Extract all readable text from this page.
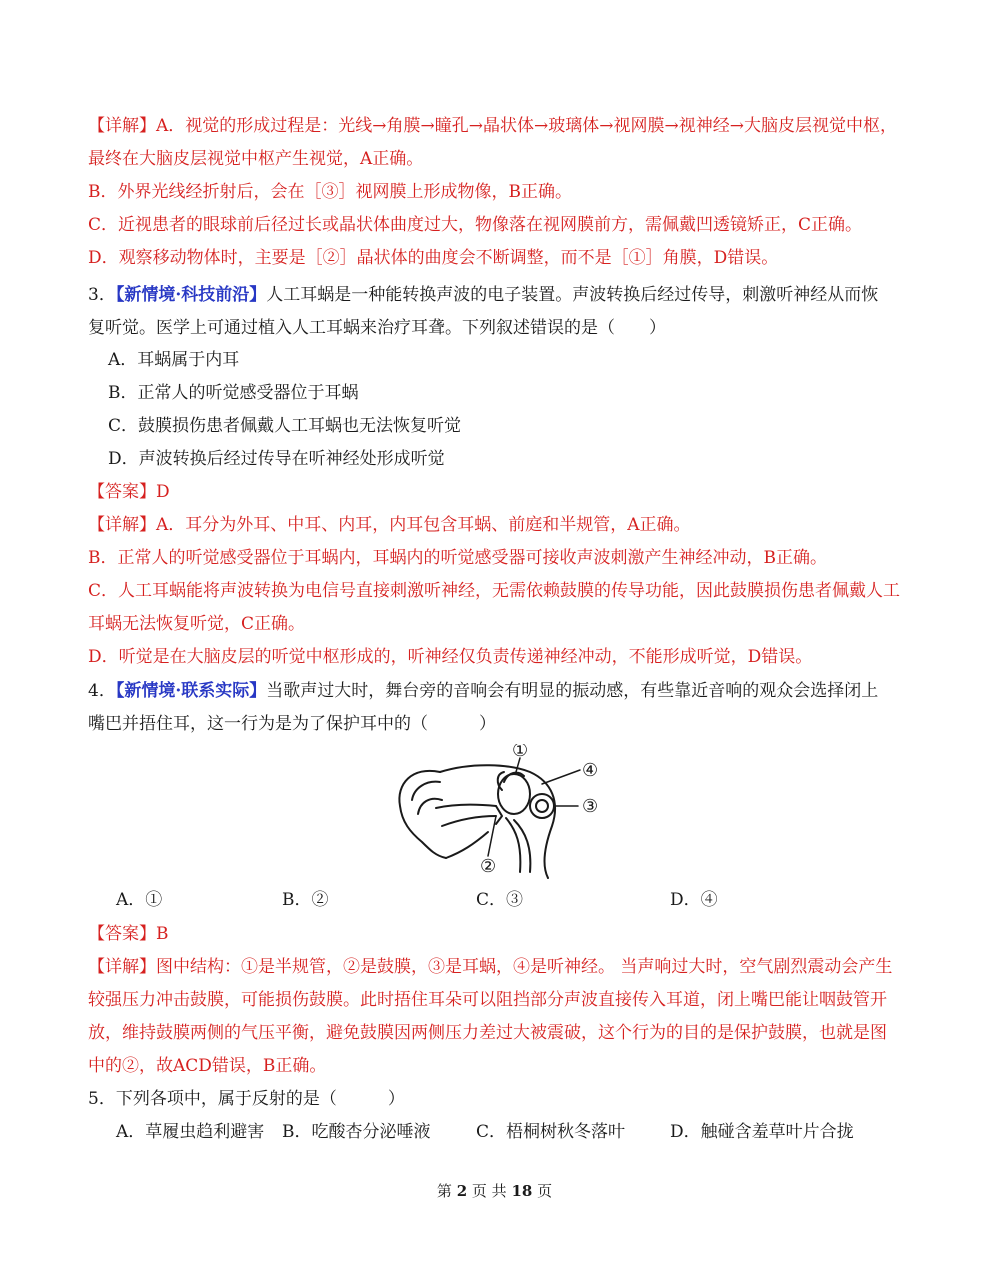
【详解】A．视觉的形成过程是：光线→角膜→瞳孔→晶状体→玻璃体→视网膜→视神经→大脑皮层视觉中枢，
最终在大脑皮层视觉中枢产生视觉，A正确。
B．外界光线经折射后，会在［③］视网膜上形成物像，B正确。
C．近视患者的眼球前后径过长或晶状体曲度过大，物像落在视网膜前方，需佩戴凹透镜矫正，C正确。
D．观察移动物体时，主要是［②］晶状体的曲度会不断调整，而不是［①］角膜，D错误。
3．【新情境·科技前沿】人工耳蜗是一种能转换声波的电子装置。声波转换后经过传导，刺激听神经从而恢
复听觉。医学上可通过植入人工耳蜗来治疗耳聋。下列叙述错误的是（　　）
A．耳蜗属于内耳
B．正常人的听觉感受器位于耳蜗
C．鼓膜损伤患者佩戴人工耳蜗也无法恢复听觉
D．声波转换后经过传导在听神经处形成听觉
【答案】D
【详解】A．耳分为外耳、中耳、内耳，内耳包含耳蜗、前庭和半规管，A正确。
B．正常人的听觉感受器位于耳蜗内，耳蜗内的听觉感受器可接收声波刺激产生神经冲动，B正确。
C．人工耳蜗能将声波转换为电信号直接刺激听神经，无需依赖鼓膜的传导功能，因此鼓膜损伤患者佩戴人工
耳蜗无法恢复听觉，C正确。
D．听觉是在大脑皮层的听觉中枢形成的，听神经仅负责传递神经冲动，不能形成听觉，D错误。
4．【新情境·联系实际】当歌声过大时，舞台旁的音响会有明显的振动感，有些靠近音响的观众会选择闭上
嘴巴并捂住耳，这一行为是为了保护耳中的（　　　）
①
④
③
②
A．①	B．②	C．③	D．④
【答案】B
【详解】图中结构：①是半规管，②是鼓膜，③是耳蜗，④是听神经。 当声响过大时，空气剧烈震动会产生
较强压力冲击鼓膜，可能损伤鼓膜。此时捂住耳朵可以阻挡部分声波直接传入耳道，闭上嘴巴能让咽鼓管开
放，维持鼓膜两侧的气压平衡，避免鼓膜因两侧压力差过大被震破，这个行为的目的是保护鼓膜，也就是图
中的②，故ACD错误，B正确。
5．下列各项中，属于反射的是（　　　）
A．草履虫趋利避害 B．吃酸杏分泌唾液	C．梧桐树秋冬落叶	D．触碰含羞草叶片合拢
第 2 页 共 18 页
